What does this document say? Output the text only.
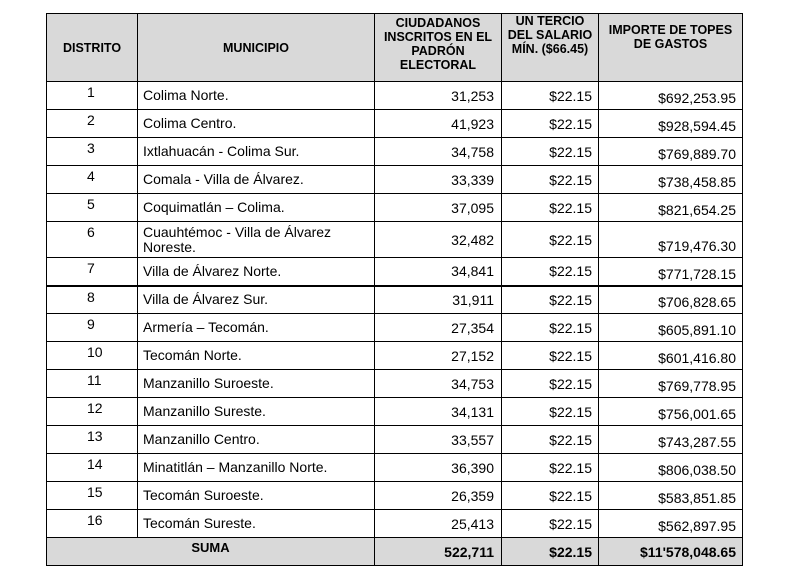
DISTRITO	MUNICIPIO	CIUDADANOS INSCRITOS EN EL PADRÓN ELECTORAL	UN TERCIO DEL SALARIO MÍN. ($66.45)	IMPORTE DE TOPES DE GASTOS
1	Colima Norte.	31,253	$22.15	$692,253.95
2	Colima Centro.	41,923	$22.15	$928,594.45
3	Ixtlahuacán - Colima Sur.	34,758	$22.15	$769,889.70
4	Comala - Villa de Álvarez.	33,339	$22.15	$738,458.85
5	Coquimatlán – Colima.	37,095	$22.15	$821,654.25
6	Cuauhtémoc - Villa de Álvarez Noreste.	32,482	$22.15	$719,476.30
7	Villa de Álvarez Norte.	34,841	$22.15	$771,728.15
8	Villa de Álvarez Sur.	31,911	$22.15	$706,828.65
9	Armería – Tecomán.	27,354	$22.15	$605,891.10
10	Tecomán Norte.	27,152	$22.15	$601,416.80
11	Manzanillo Suroeste.	34,753	$22.15	$769,778.95
12	Manzanillo Sureste.	34,131	$22.15	$756,001.65
13	Manzanillo Centro.	33,557	$22.15	$743,287.55
14	Minatitlán – Manzanillo Norte.	36,390	$22.15	$806,038.50
15	Tecomán Suroeste.	26,359	$22.15	$583,851.85
16	Tecomán Sureste.	25,413	$22.15	$562,897.95
SUMA		522,711	$22.15	$11'578,048.65
